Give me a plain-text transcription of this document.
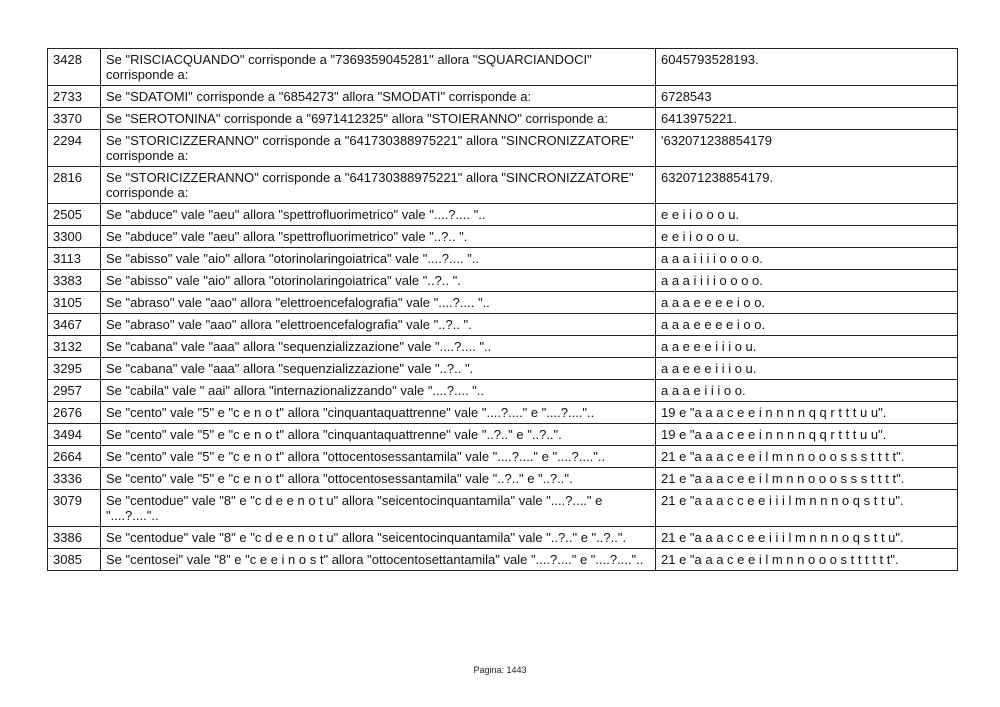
3428	Se "RISCIACQUANDO" corrisponde a "7369359045281" allora "SQUARCIANDOCI" corrisponde a:	6045793528193.
2733	Se "SDATOMI" corrisponde a "6854273" allora "SMODATI" corrisponde a:	6728543
3370	Se "SEROTONINA" corrisponde a "6971412325" allora "STOIERANNO" corrisponde a:	6413975221.
2294	Se "STORICIZZERANNO" corrisponde a "641730388975221" allora "SINCRONIZZATORE" corrisponde a:	'632071238854179
2816	Se "STORICIZZERANNO" corrisponde a "641730388975221" allora "SINCRONIZZATORE" corrisponde a:	632071238854179.
2505	Se "abduce" vale "aeu" allora "spettrofluorimetrico" vale "....?.... "..	e e i i o o o u.
3300	Se "abduce" vale "aeu" allora "spettrofluorimetrico" vale "..?.. ".	e e i i o o o u.
3113	Se "abisso" vale "aio" allora "otorinolaringoiatrica" vale "....?.... "..	a a a i i i i o o o o.
3383	Se "abisso" vale "aio" allora "otorinolaringoiatrica" vale "..?.. ".	a a a i i i i o o o o.
3105	Se "abraso" vale "aao" allora "elettroencefalografia" vale "....?.... "..	a a a e e e e i o o.
3467	Se "abraso" vale "aao" allora "elettroencefalografia" vale "..?.. ".	a a a e e e e i o o.
3132	Se "cabana" vale "aaa" allora "sequenzializzazione" vale "....?.... "..	a a e e e i i i o u.
3295	Se "cabana" vale "aaa" allora "sequenzializzazione" vale "..?.. ".	a a e e e i i i o u.
2957	Se "cabila" vale " aai" allora "internazionalizzando" vale "....?.... "..	a a a e i i i o o.
2676	Se "cento" vale "5" e "c e n o t" allora "cinquantaquattrenne" vale "....?...." e "....?...."..	19 e "a a a c e e i n n n n q q r t t t u u".
3494	Se "cento" vale "5" e "c e n o t" allora "cinquantaquattrenne" vale "..?.." e "..?..".	19 e "a a a c e e i n n n n q q r t t t u u".
2664	Se "cento" vale "5" e "c e n o t" allora "ottocentosessantamila" vale "....?...." e "....?...."..	21 e "a a a c e e i l m n n o o o s s s t t t t".
3336	Se "cento" vale "5" e "c e n o t" allora "ottocentosessantamila" vale "..?.." e "..?..".	21 e "a a a c e e i l m n n o o o s s s t t t t".
3079	Se "centodue" vale "8" e "c d e e n o t u" allora "seicentocinquantamila" vale "....?...." e "....?...."..	21 e "a a a c c e e i i i l m n n n o q s t t u".
3386	Se "centodue" vale "8" e "c d e e n o t u" allora "seicentocinquantamila" vale "..?.." e "..?..".	21 e "a a a c c e e i i i l m n n n o q s t t u".
3085	Se "centosei" vale "8" e "c e e i n o s t" allora "ottocentosettantamila" vale "....?...." e "....?...."..	21 e "a a a c e e i l m n n o o o s t t t t t t".
Pagina: 1443
